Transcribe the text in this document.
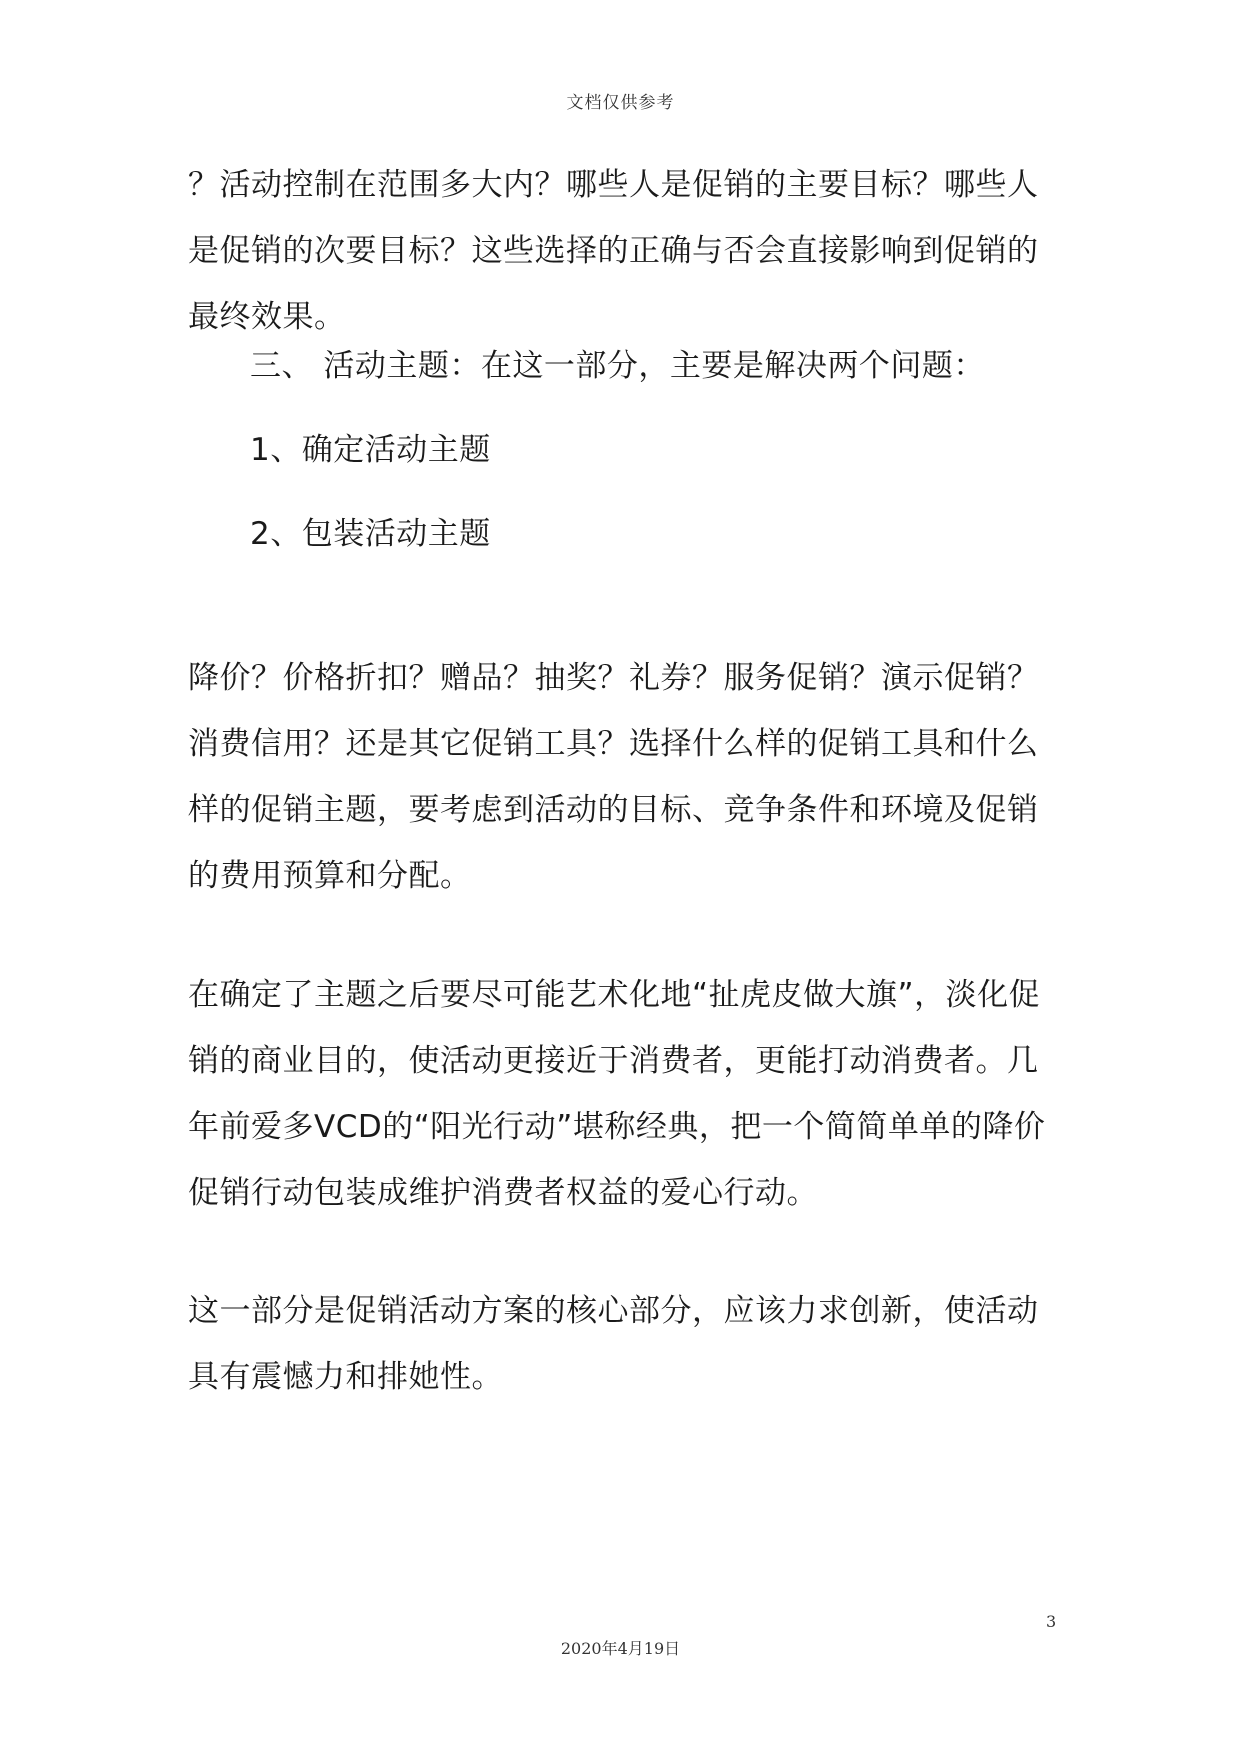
文档仅供参考

？活动控制在范围多大内？哪些人是促销的主要目标？哪些人是促销的次要目标？这些选择的正确与否会直接影响到促销的最终效果。

三、 活动主题：在这一部分，主要是解决两个问题：

1、确定活动主题

2、包装活动主题

降价？价格折扣？赠品？抽奖？礼券？服务促销？演示促销？消费信用？还是其它促销工具？选择什么样的促销工具和什么样的促销主题，要考虑到活动的目标、竞争条件和环境及促销的费用预算和分配。

在确定了主题之后要尽可能艺术化地“扯虎皮做大旗”，淡化促销的商业目的，使活动更接近于消费者，更能打动消费者。几年前爱多VCD的“阳光行动”堪称经典，把一个简简单单的降价促销行动包装成维护消费者权益的爱心行动。

这一部分是促销活动方案的核心部分，应该力求创新，使活动具有震憾力和排她性。

3
2020年4月19日
